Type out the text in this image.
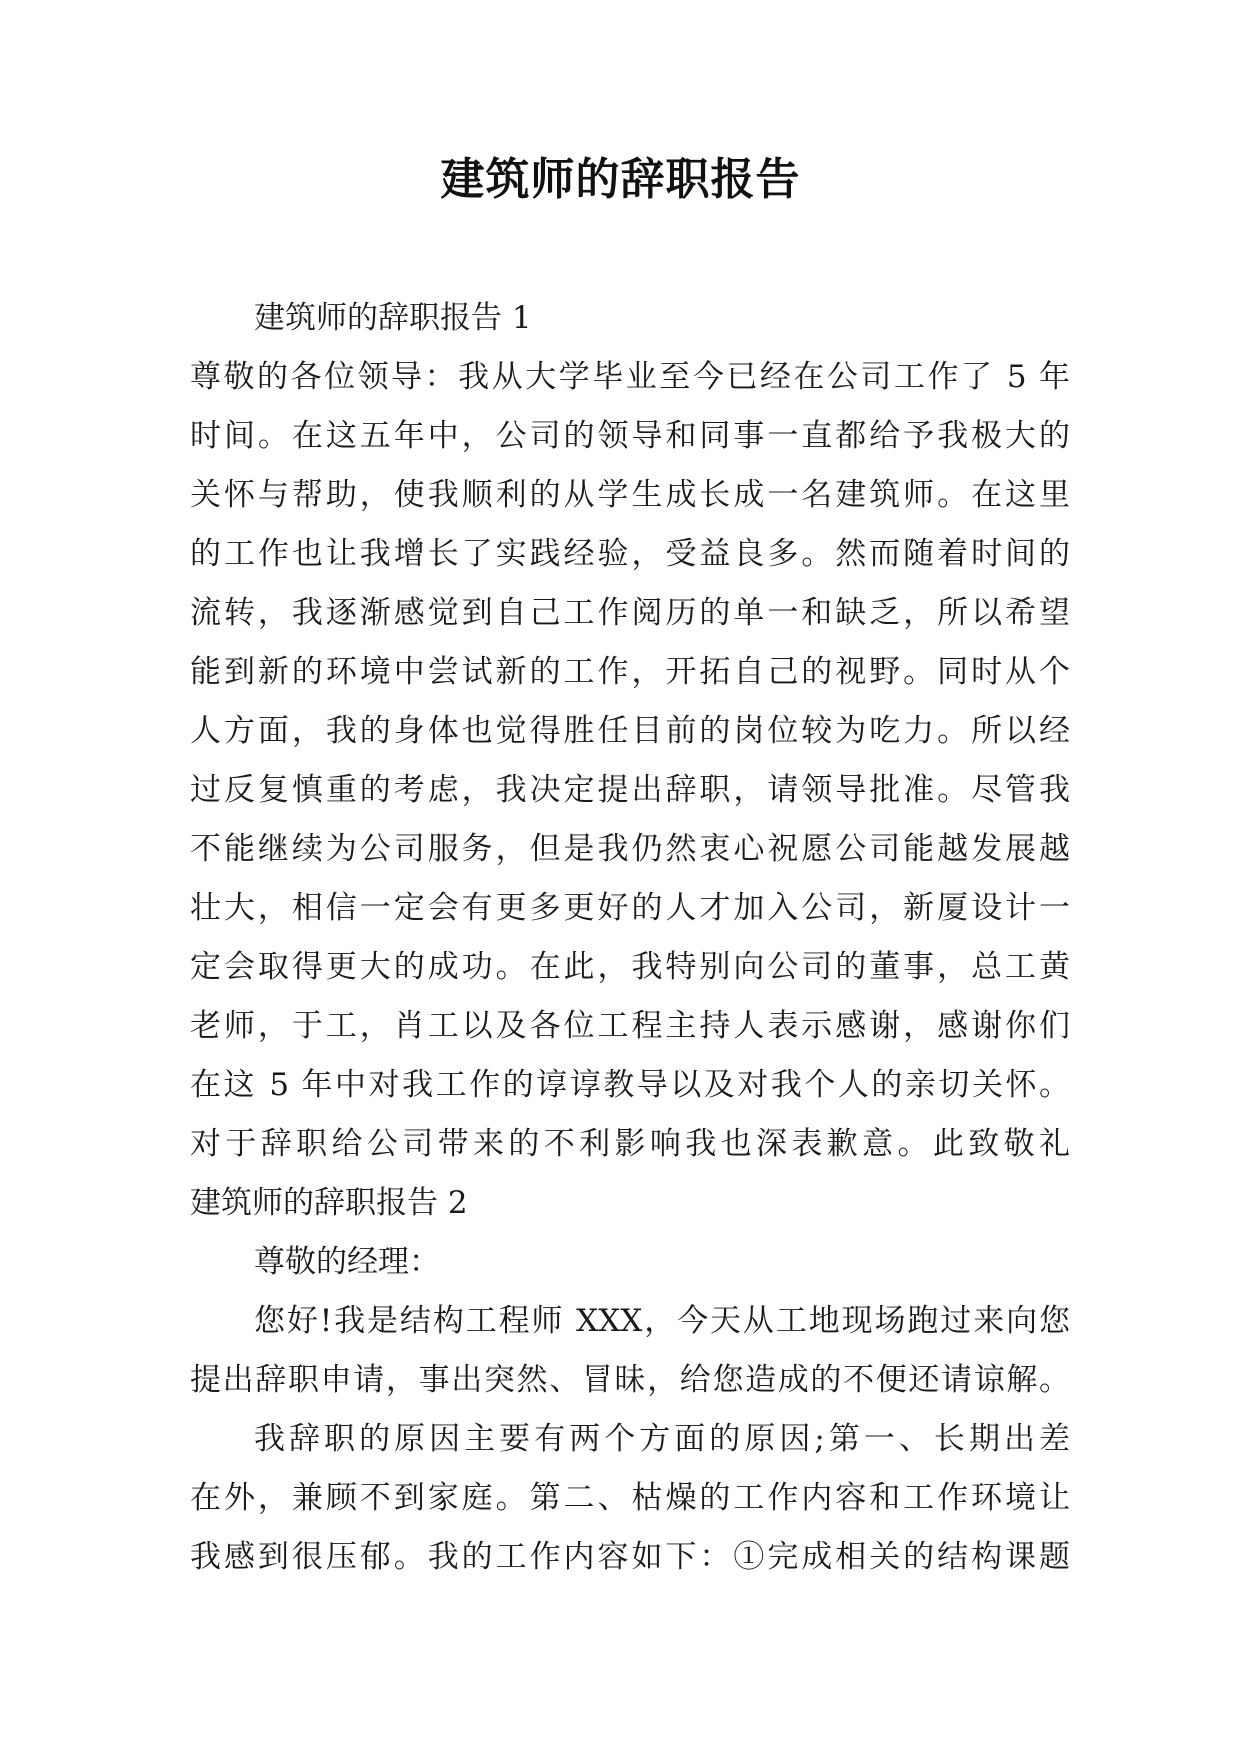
建筑师的辞职报告
建筑师的辞职报告 1
尊敬的各位领导：我从大学毕业至今已经在公司工作了 5 年
时间。在这五年中，公司的领导和同事一直都给予我极大的
关怀与帮助，使我顺利的从学生成长成一名建筑师。在这里
的工作也让我增长了实践经验，受益良多。然而随着时间的
流转，我逐渐感觉到自己工作阅历的单一和缺乏，所以希望
能到新的环境中尝试新的工作，开拓自己的视野。同时从个
人方面，我的身体也觉得胜任目前的岗位较为吃力。所以经
过反复慎重的考虑，我决定提出辞职，请领导批准。尽管我
不能继续为公司服务，但是我仍然衷心祝愿公司能越发展越
壮大，相信一定会有更多更好的人才加入公司，新厦设计一
定会取得更大的成功。在此，我特别向公司的董事，总工黄
老师，于工，肖工以及各位工程主持人表示感谢，感谢你们
在这 5 年中对我工作的谆谆教导以及对我个人的亲切关怀。
对于辞职给公司带来的不利影响我也深表歉意。此致敬礼
建筑师的辞职报告 2
尊敬的经理：
您好!我是结构工程师 XXX，今天从工地现场跑过来向您
提出辞职申请，事出突然、冒昧，给您造成的不便还请谅解。
我辞职的原因主要有两个方面的原因;第一、长期出差
在外，兼顾不到家庭。第二、枯燥的工作内容和工作环境让
我感到很压郁。我的工作内容如下：①完成相关的结构课题
